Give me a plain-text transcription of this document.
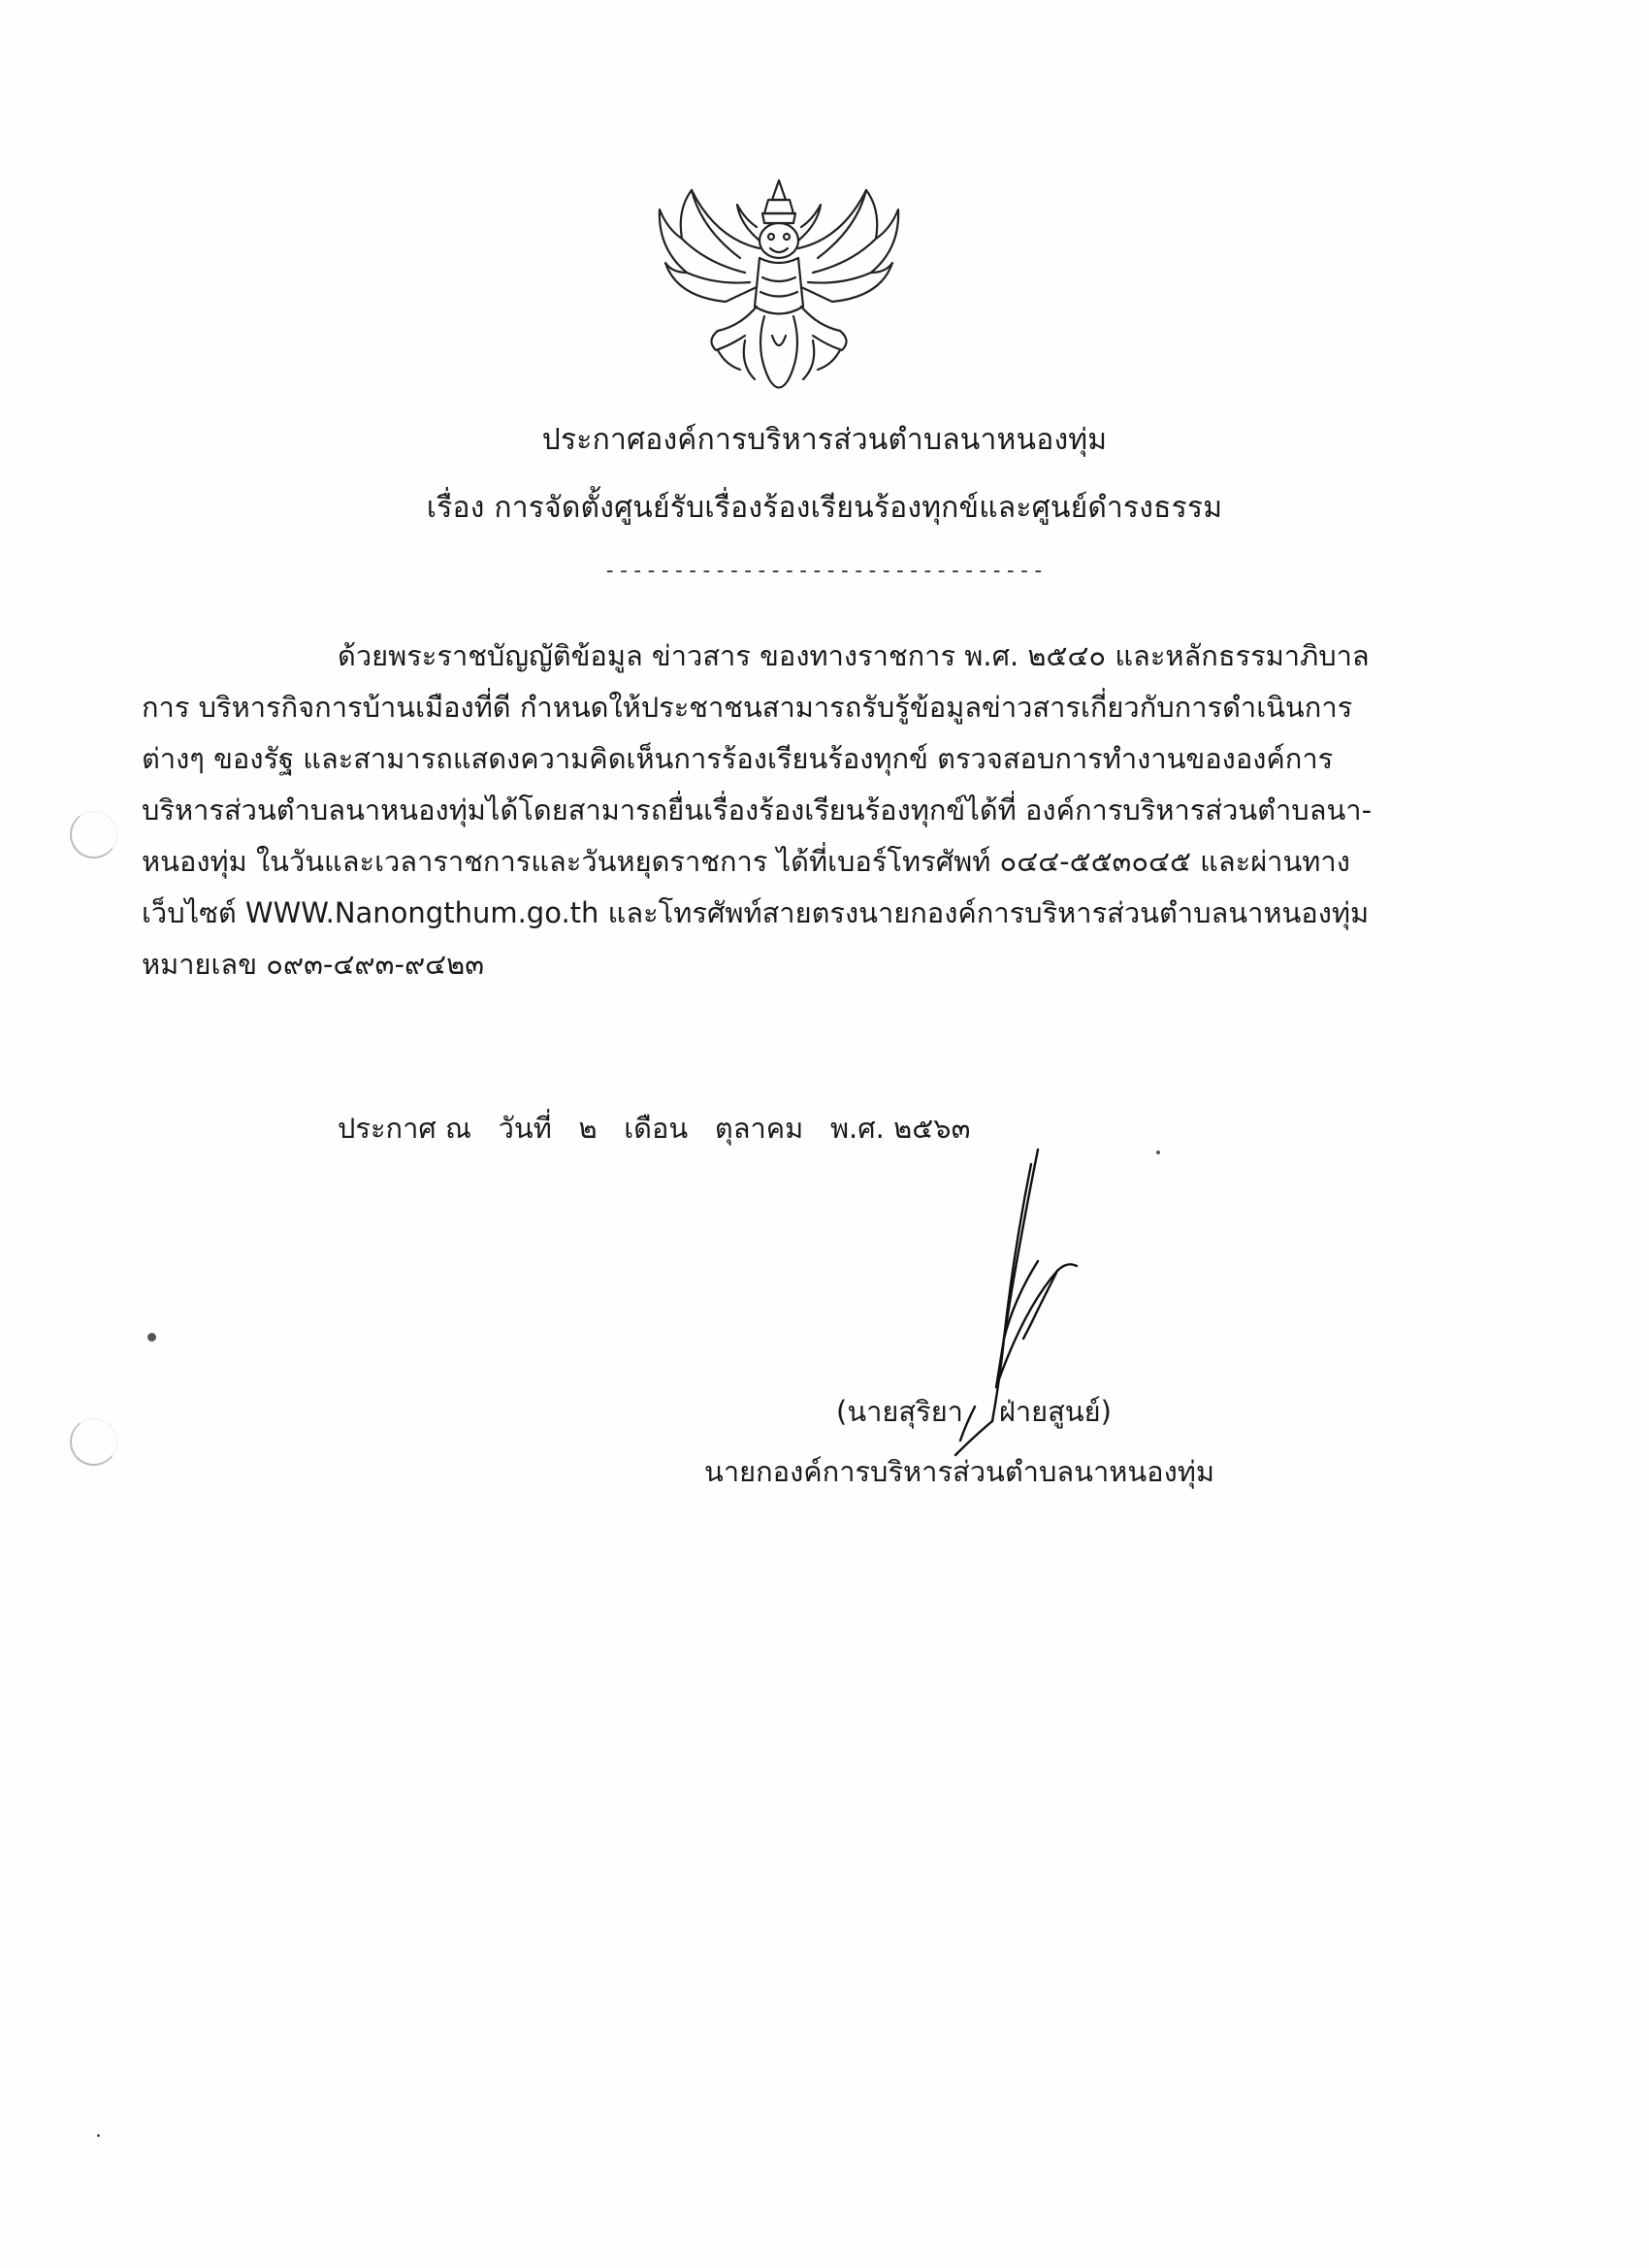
ประกาศองค์การบริหารส่วนตำบลนาหนองทุ่ม
เรื่อง การจัดตั้งศูนย์รับเรื่องร้องเรียนร้องทุกข์และศูนย์ดำรงธรรม
--------------------------------

ด้วยพระราชบัญญัติข้อมูล ข่าวสาร ของทางราชการ พ.ศ. ๒๕๔๐ และหลักธรรมาภิบาล

การ บริหารกิจการบ้านเมืองที่ดี กำหนดให้ประชาชนสามารถรับรู้ข้อมูลข่าวสารเกี่ยวกับการดำเนินการ

ต่างๆ ของรัฐ และสามารถแสดงความคิดเห็นการร้องเรียนร้องทุกข์ ตรวจสอบการทำงานขององค์การ

บริหารส่วนตำบลนาหนองทุ่มได้โดยสามารถยื่นเรื่องร้องเรียนร้องทุกข์ได้ที่ องค์การบริหารส่วนตำบลนา-

หนองทุ่ม ในวันและเวลาราชการและวันหยุดราชการ ได้ที่เบอร์โทรศัพท์ ๐๔๔-๕๕๓๐๔๕ และผ่านทาง

เว็บไซต์ WWW.Nanongthum.go.th และโทรศัพท์สายตรงนายกองค์การบริหารส่วนตำบลนาหนองทุ่ม

หมายเลข ๐๙๓-๔๙๓-๙๔๒๓

ประกาศ ณ   วันที่   ๒   เดือน   ตุลาคม   พ.ศ. ๒๕๖๓
(นายสุริยา    ฝ่ายสูนย์)
นายกองค์การบริหารส่วนตำบลนาหนองทุ่ม
